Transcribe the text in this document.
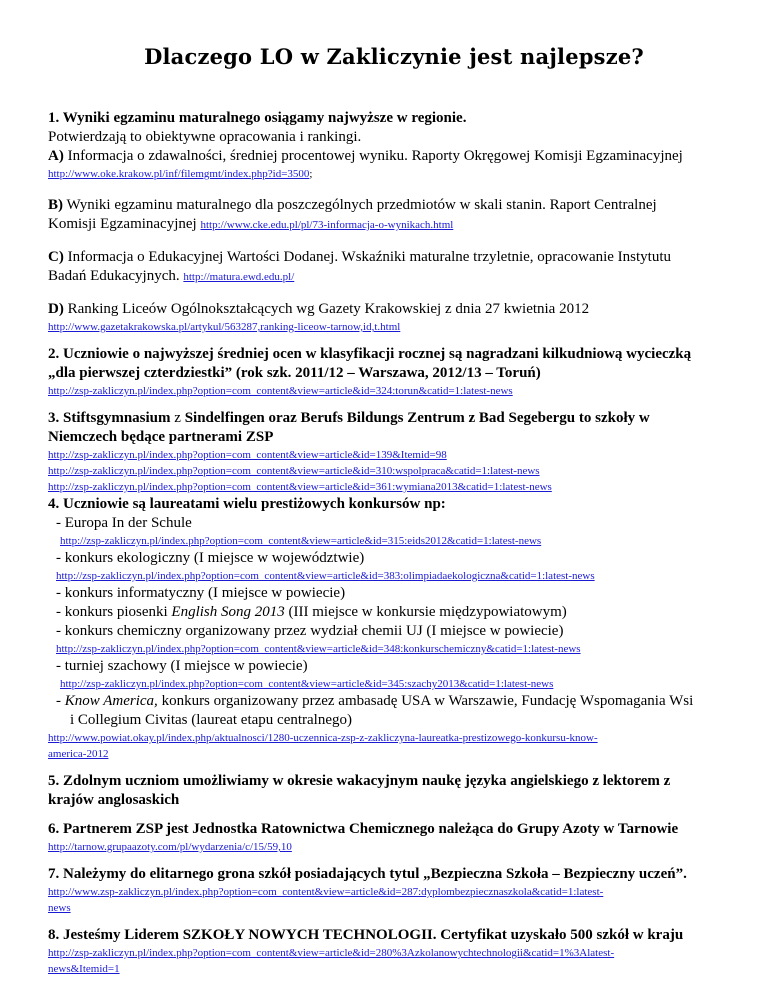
Dlaczego LO w Zakliczynie jest najlepsze?

1. Wyniki egzaminu maturalnego osiągamy najwyższe w regionie.

Potwierdzają to obiektywne opracowania i rankingi.

A) Informacja o zdawalności, średniej procentowej wyniku. Raporty Okręgowej Komisji Egzaminacyjnej

http://www.oke.krakow.pl/inf/filemgmt/index.php?id=3500;

B) Wyniki egzaminu maturalnego dla poszczególnych przedmiotów w skali stanin. Raport Centralnej

Komisji Egzaminacyjnej http://www.cke.edu.pl/pl/73-informacja-o-wynikach.html

C) Informacja o Edukacyjnej Wartości Dodanej. Wskaźniki maturalne trzyletnie, opracowanie Instytutu

Badań Edukacyjnych. http://matura.ewd.edu.pl/

D) Ranking Liceów Ogólnokształcących wg Gazety Krakowskiej z dnia 27 kwietnia 2012

http://www.gazetakrakowska.pl/artykul/563287,ranking-liceow-tarnow,id,t.html

2. Uczniowie o najwyższej średniej ocen w klasyfikacji rocznej są nagradzani kilkudniową wycieczką

„dla pierwszej czterdziestki” (rok szk. 2011/12 – Warszawa, 2012/13 – Toruń)

http://zsp-zakliczyn.pl/index.php?option=com_content&view=article&id=324:torun&catid=1:latest-news

3. Stiftsgymnasium z Sindelfingen oraz Berufs Bildungs Zentrum z Bad Segebergu to szkoły w

Niemczech będące partnerami ZSP

http://zsp-zakliczyn.pl/index.php?option=com_content&view=article&id=139&Itemid=98

http://zsp-zakliczyn.pl/index.php?option=com_content&view=article&id=310:wspolpraca&catid=1:latest-news

http://zsp-zakliczyn.pl/index.php?option=com_content&view=article&id=361:wymiana2013&catid=1:latest-news

4. Uczniowie są laureatami wielu prestiżowych konkursów np:

- Europa In der Schule

http://zsp-zakliczyn.pl/index.php?option=com_content&view=article&id=315:eids2012&catid=1:latest-news

- konkurs ekologiczny (I miejsce w województwie)

http://zsp-zakliczyn.pl/index.php?option=com_content&view=article&id=383:olimpiadaekologiczna&catid=1:latest-news

- konkurs informatyczny (I miejsce w powiecie)

- konkurs piosenki English Song 2013 (III miejsce w konkursie międzypowiatowym)

- konkurs chemiczny organizowany przez wydział chemii UJ (I miejsce w powiecie)

http://zsp-zakliczyn.pl/index.php?option=com_content&view=article&id=348:konkurschemiczny&catid=1:latest-news

- turniej szachowy (I miejsce w powiecie)

http://zsp-zakliczyn.pl/index.php?option=com_content&view=article&id=345:szachy2013&catid=1:latest-news

- Know America, konkurs organizowany przez ambasadę USA w Warszawie, Fundację Wspomagania Wsi

i Collegium Civitas (laureat etapu centralnego)

http://www.powiat.okay.pl/index.php/aktualnosci/1280-uczennica-zsp-z-zakliczyna-laureatka-prestizowego-konkursu-know-

america-2012

5. Zdolnym uczniom umożliwiamy w okresie wakacyjnym naukę języka angielskiego z lektorem z

krajów anglosaskich

6. Partnerem ZSP jest Jednostka Ratownictwa Chemicznego należąca do Grupy Azoty w Tarnowie

http://tarnow.grupaazoty.com/pl/wydarzenia/c/15/59,10

7. Należymy do elitarnego grona szkół posiadających tytul „Bezpieczna Szkoła – Bezpieczny uczeń”.

http://www.zsp-zakliczyn.pl/index.php?option=com_content&view=article&id=287:dyplombezpiecznaszkola&catid=1:latest-

news

8. Jesteśmy Liderem SZKOŁY NOWYCH TECHNOLOGII. Certyfikat uzyskało 500 szkół w kraju

http://zsp-zakliczyn.pl/index.php?option=com_content&view=article&id=280%3Azkolanowychtechnologii&catid=1%3Alatest-

news&Itemid=1
